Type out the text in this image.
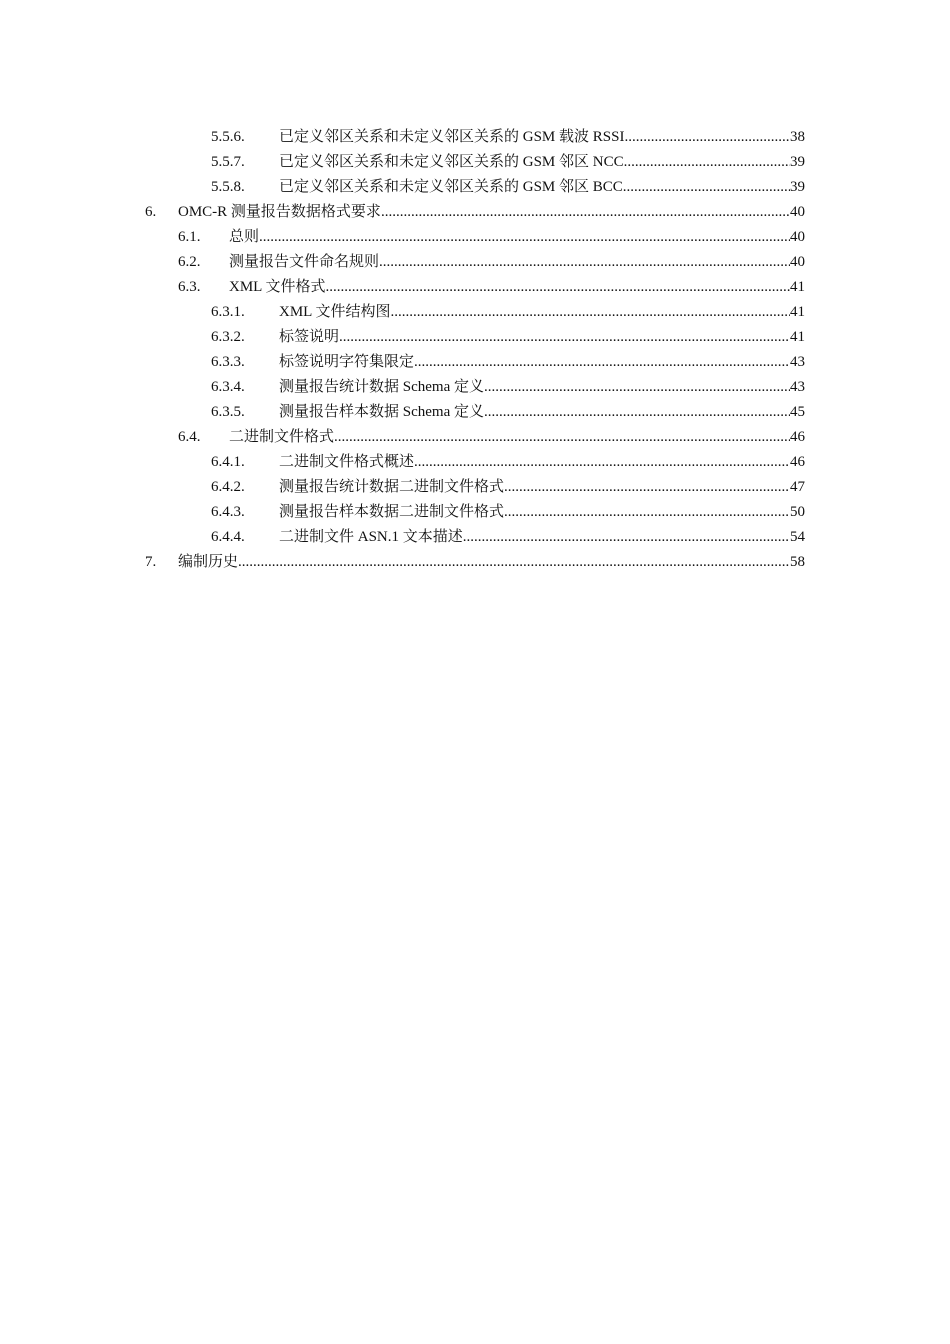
5.5.6. 已定义邻区关系和未定义邻区关系的 GSM 载波 RSSI .....	38
5.5.7. 已定义邻区关系和未定义邻区关系的 GSM 邻区 NCC .....	39
5.5.8. 已定义邻区关系和未定义邻区关系的 GSM 邻区 BCC .....	39
6. OMC-R 测量报告数据格式要求 .....	40
6.1. 总则 .....	40
6.2. 测量报告文件命名规则 .....	40
6.3. XML 文件格式 .....	41
6.3.1. XML 文件结构图 .....	41
6.3.2. 标签说明 .....	41
6.3.3. 标签说明字符集限定 .....	43
6.3.4. 测量报告统计数据 Schema 定义 .....	43
6.3.5. 测量报告样本数据 Schema 定义 .....	45
6.4. 二进制文件格式 .....	46
6.4.1. 二进制文件格式概述 .....	46
6.4.2. 测量报告统计数据二进制文件格式 .....	47
6.4.3. 测量报告样本数据二进制文件格式 .....	50
6.4.4. 二进制文件 ASN.1 文本描述 .....	54
7. 编制历史 .....	58
